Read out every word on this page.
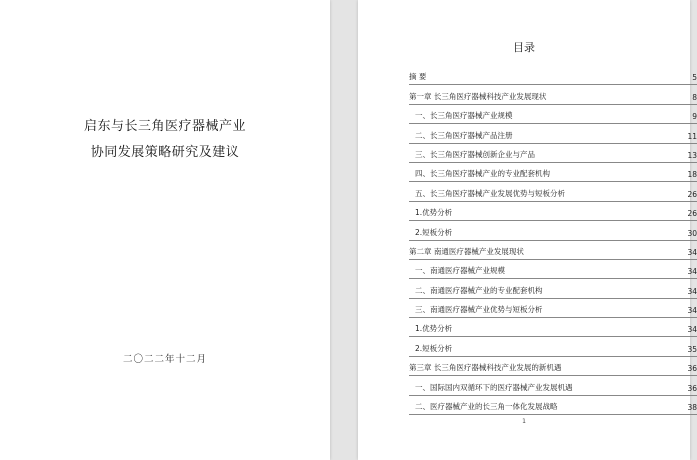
启东与长三角医疗器械产业
协同发展策略研究及建议
二〇二二年十二月
目录
摘 要	5
第一章 长三角医疗器械科技产业发展现状	8
一、长三角医疗器械产业规模	9
二、长三角医疗器械产品注册	11
三、长三角医疗器械创新企业与产品	13
四、长三角医疗器械产业的专业配套机构	18
五、长三角医疗器械产业发展优势与短板分析	26
1.优势分析	26
2.短板分析	30
第二章 南通医疗器械产业发展现状	34
一、南通医疗器械产业规模	34
二、南通医疗器械产业的专业配套机构	34
三、南通医疗器械产业优势与短板分析	34
1.优势分析	34
2.短板分析	35
第三章 长三角医疗器械科技产业发展的新机遇	36
一、国际国内双循环下的医疗器械产业发展机遇	36
二、医疗器械产业的长三角一体化发展战略	38
1
